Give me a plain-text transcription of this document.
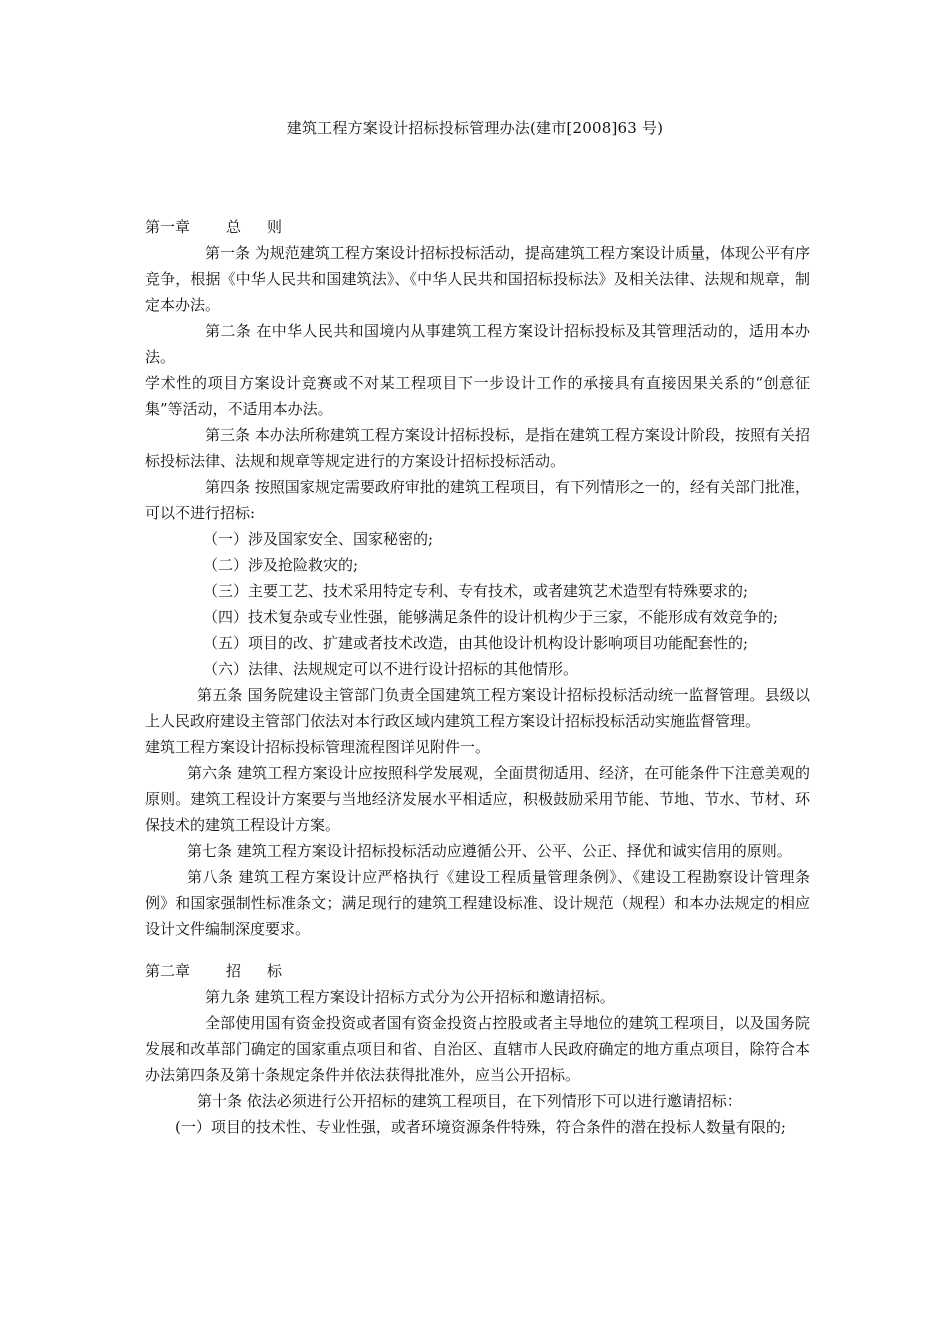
建筑工程方案设计招标投标管理办法(建市[2008]63 号)

第一章 总 则

第一条 为规范建筑工程方案设计招标投标活动，提高建筑工程方案设计质量，体现公平有序竞争，根据《中华人民共和国建筑法》、《中华人民共和国招标投标法》及相关法律、法规和规章，制定本办法。

第二条 在中华人民共和国境内从事建筑工程方案设计招标投标及其管理活动的，适用本办法。

学术性的项目方案设计竞赛或不对某工程项目下一步设计工作的承接具有直接因果关系的“创意征集”等活动，不适用本办法。

第三条 本办法所称建筑工程方案设计招标投标，是指在建筑工程方案设计阶段，按照有关招标投标法律、法规和规章等规定进行的方案设计招标投标活动。

第四条 按照国家规定需要政府审批的建筑工程项目，有下列情形之一的，经有关部门批准，可以不进行招标:

（一）涉及国家安全、国家秘密的;

（二）涉及抢险救灾的;

（三）主要工艺、技术采用特定专利、专有技术，或者建筑艺术造型有特殊要求的;

（四）技术复杂或专业性强，能够满足条件的设计机构少于三家，不能形成有效竞争的;

（五）项目的改、扩建或者技术改造，由其他设计机构设计影响项目功能配套性的;

（六）法律、法规规定可以不进行设计招标的其他情形。

第五条 国务院建设主管部门负责全国建筑工程方案设计招标投标活动统一监督管理。县级以上人民政府建设主管部门依法对本行政区域内建筑工程方案设计招标投标活动实施监督管理。

建筑工程方案设计招标投标管理流程图详见附件一。

第六条 建筑工程方案设计应按照科学发展观，全面贯彻适用、经济，在可能条件下注意美观的原则。建筑工程设计方案要与当地经济发展水平相适应，积极鼓励采用节能、节地、节水、节材、环保技术的建筑工程设计方案。

第七条 建筑工程方案设计招标投标活动应遵循公开、公平、公正、择优和诚实信用的原则。

第八条 建筑工程方案设计应严格执行《建设工程质量管理条例》、《建设工程勘察设计管理条例》和国家强制性标准条文；满足现行的建筑工程建设标准、设计规范（规程）和本办法规定的相应设计文件编制深度要求。

第二章 招 标

第九条 建筑工程方案设计招标方式分为公开招标和邀请招标。

全部使用国有资金投资或者国有资金投资占控股或者主导地位的建筑工程项目，以及国务院发展和改革部门确定的国家重点项目和省、自治区、直辖市人民政府确定的地方重点项目，除符合本办法第四条及第十条规定条件并依法获得批准外，应当公开招标。

第十条 依法必须进行公开招标的建筑工程项目，在下列情形下可以进行邀请招标：

(一）项目的技术性、专业性强，或者环境资源条件特殊，符合条件的潜在投标人数量有限的;
